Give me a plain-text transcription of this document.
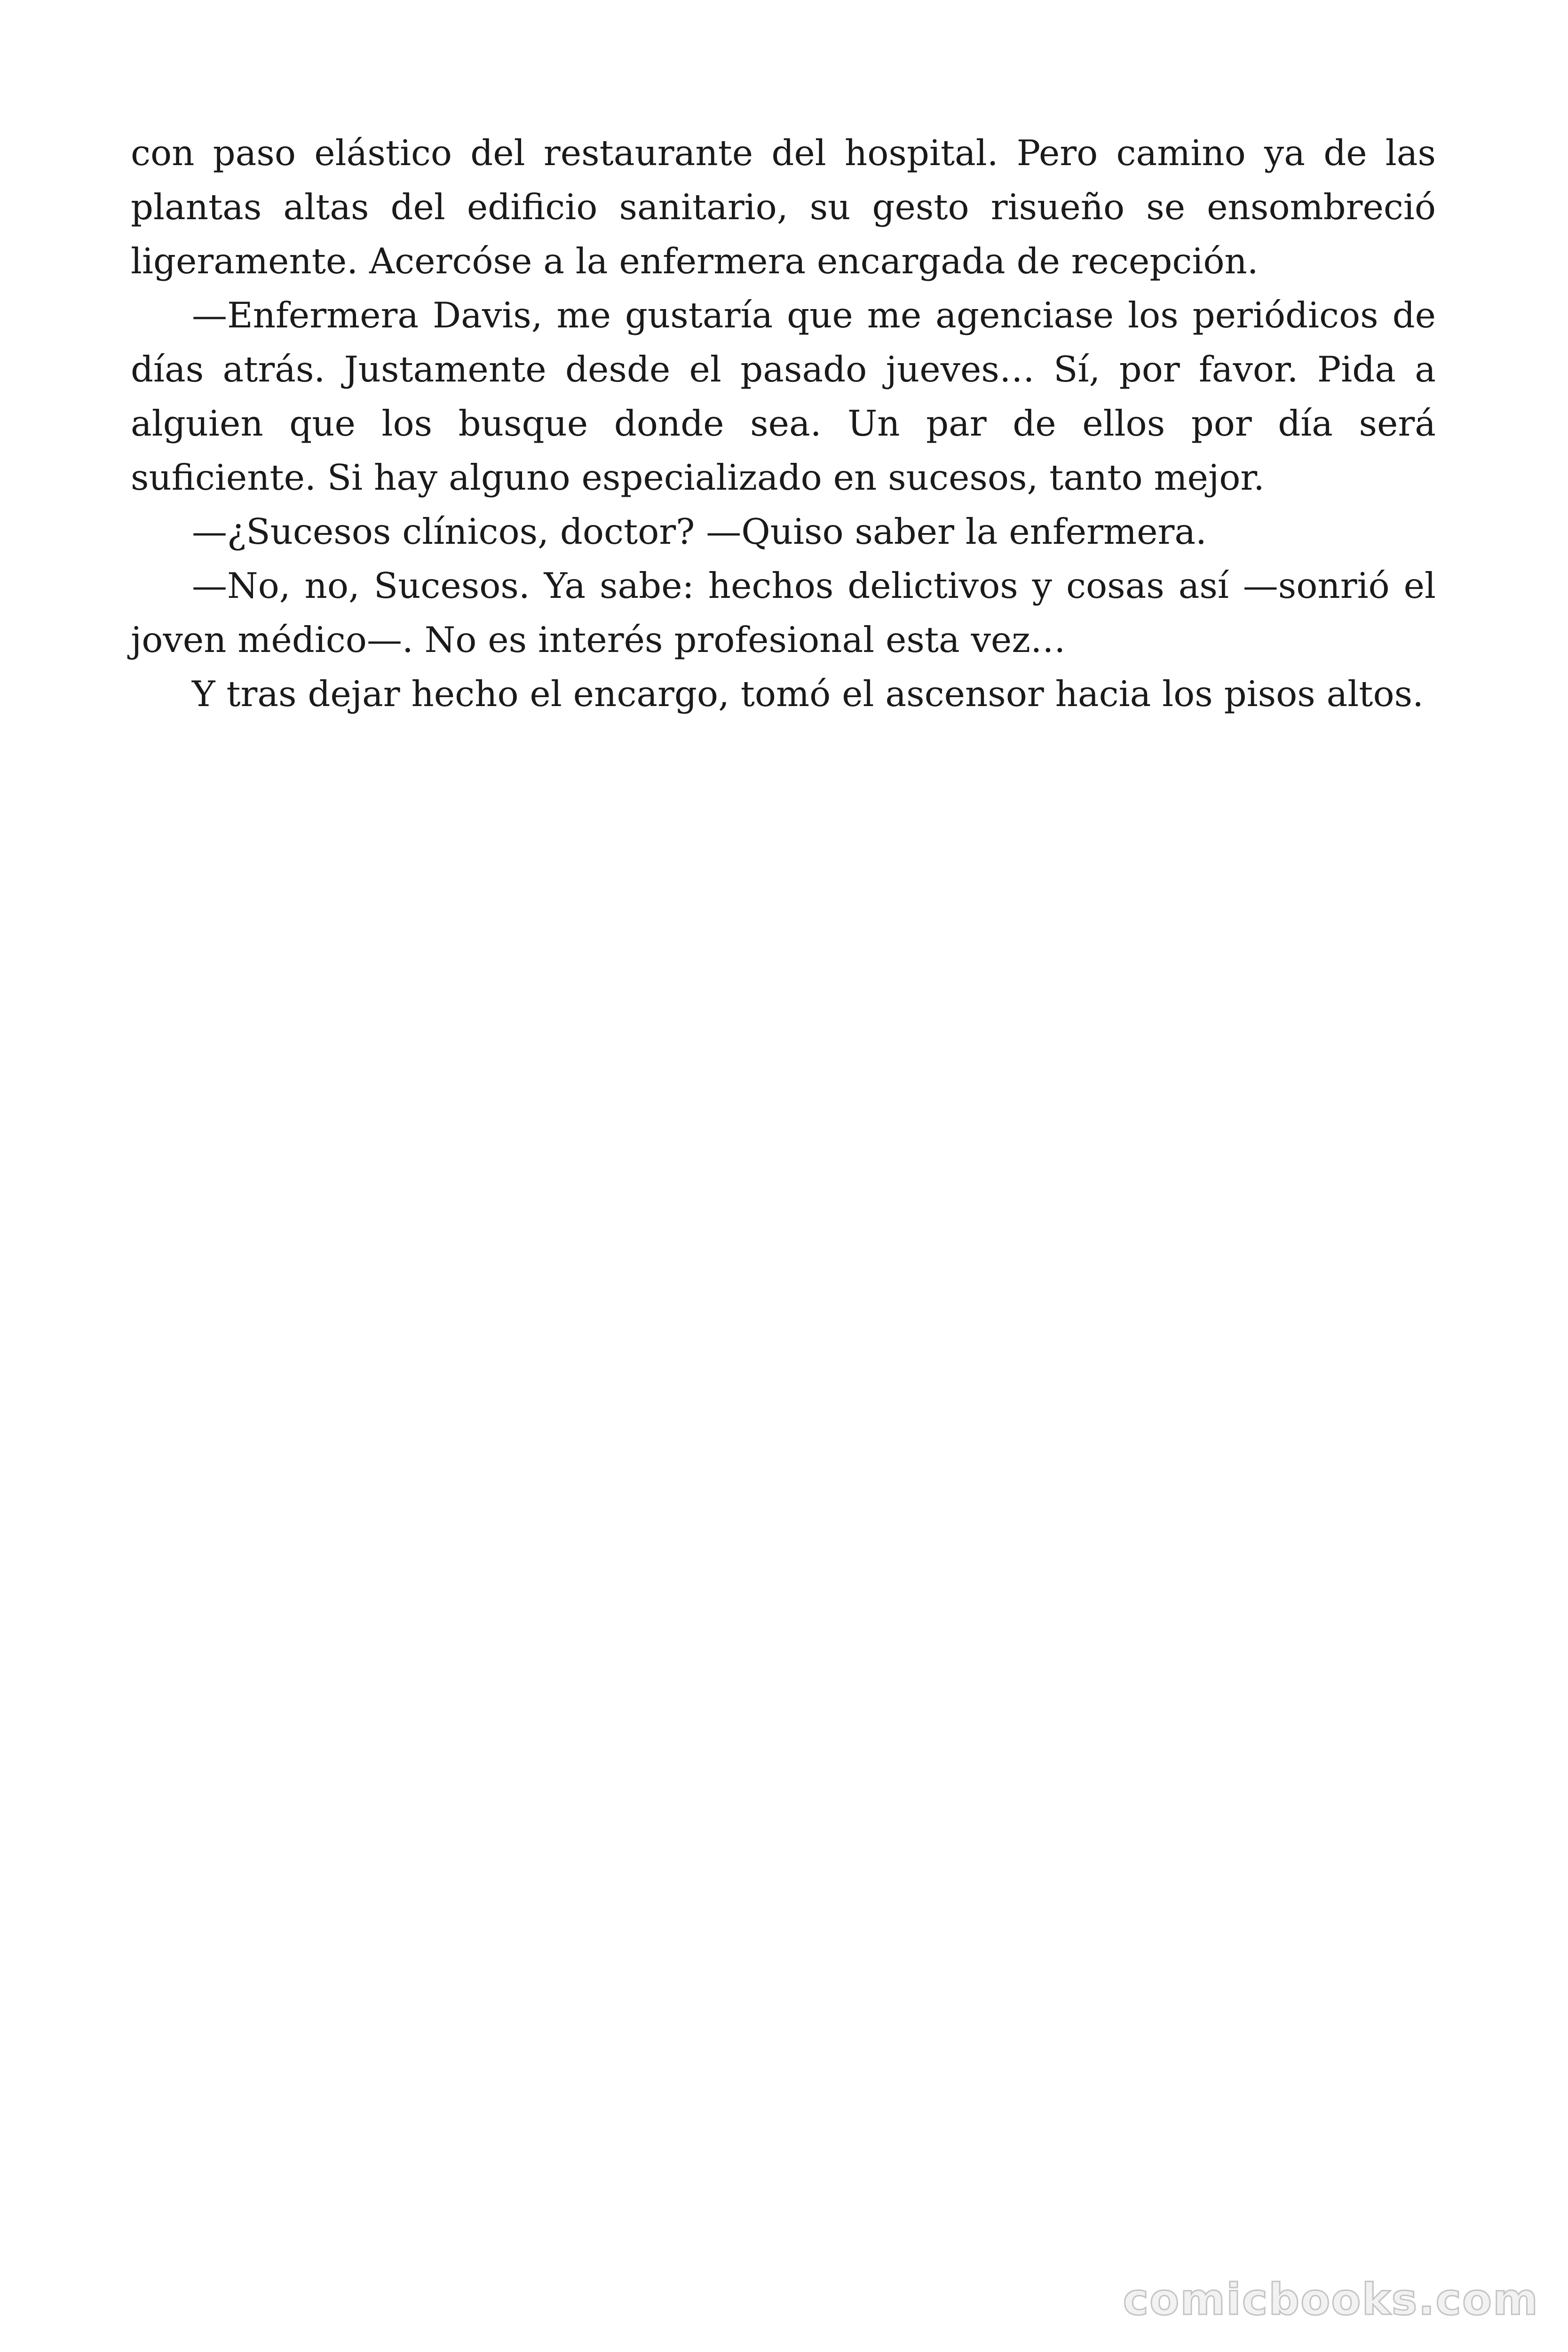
con paso elástico del restaurante del hospital. Pero camino ya de las plantas altas del edificio sanitario, su gesto risueño se ensombreció ligeramente. Acercóse a la enfermera encargada de recepción.

—Enfermera Davis, me gustaría que me agenciase los periódicos de días atrás. Justamente desde el pasado jueves… Sí, por favor. Pida a alguien que los busque donde sea. Un par de ellos por día será suficiente. Si hay alguno especializado en sucesos, tanto mejor.

—¿Sucesos clínicos, doctor? —Quiso saber la enfermera.

—No, no, Sucesos. Ya sabe: hechos delictivos y cosas así —sonrió el joven médico—. No es interés profesional esta vez…

Y tras dejar hecho el encargo, tomó el ascensor hacia los pisos altos.

comicbooks.com
